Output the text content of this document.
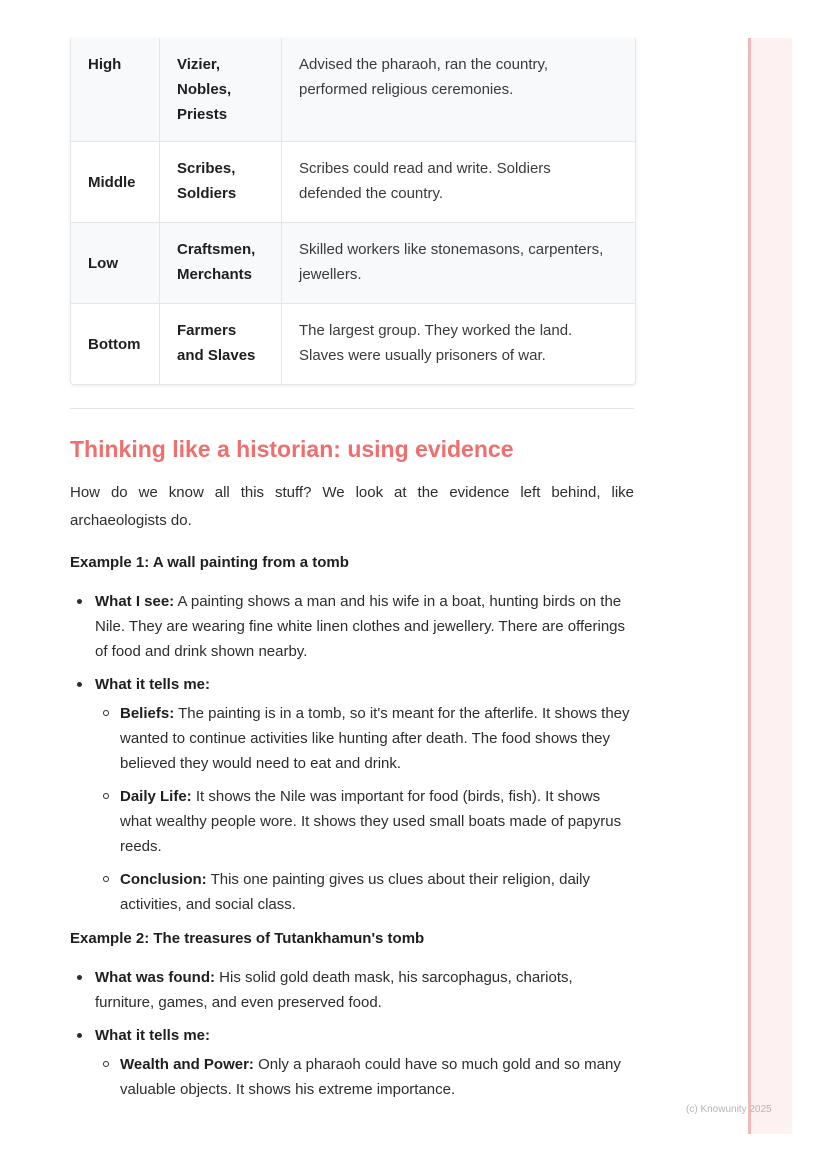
High	Vizier,
Nobles,
Priests
Advised the pharaoh, ran the country, performed religious ceremonies.
Middle
Scribes,
Soldiers
Scribes could read and write. Soldiers defended the country.
Low
Craftsmen,
Merchants
Skilled workers like stonemasons, carpenters, jewellers.
Bottom
Farmers
and Slaves
The largest group. They worked the land. Slaves were usually prisoners of war.
Thinking like a historian: using evidence

How do we know all this stuff? We look at the evidence left behind, like archaeologists do.

Example 1: A wall painting from a tomb
What I see: A painting shows a man and his wife in a boat, hunting birds on the Nile. They are wearing fine white linen clothes and jewellery. There are offerings of food and drink shown nearby.
What it tells me:
Beliefs: The painting is in a tomb, so it's meant for the afterlife. It shows they wanted to continue activities like hunting after death. The food shows they believed they would need to eat and drink.
Daily Life: It shows the Nile was important for food (birds, fish). It shows what wealthy people wore. It shows they used small boats made of papyrus reeds.
Conclusion: This one painting gives us clues about their religion, daily activities, and social class.
Example 2: The treasures of Tutankhamun's tomb
What was found: His solid gold death mask, his sarcophagus, chariots, furniture, games, and even preserved food.
What it tells me:
Wealth and Power: Only a pharaoh could have so much gold and so many valuable objects. It shows his extreme importance.
(c) Knowunity 2025
